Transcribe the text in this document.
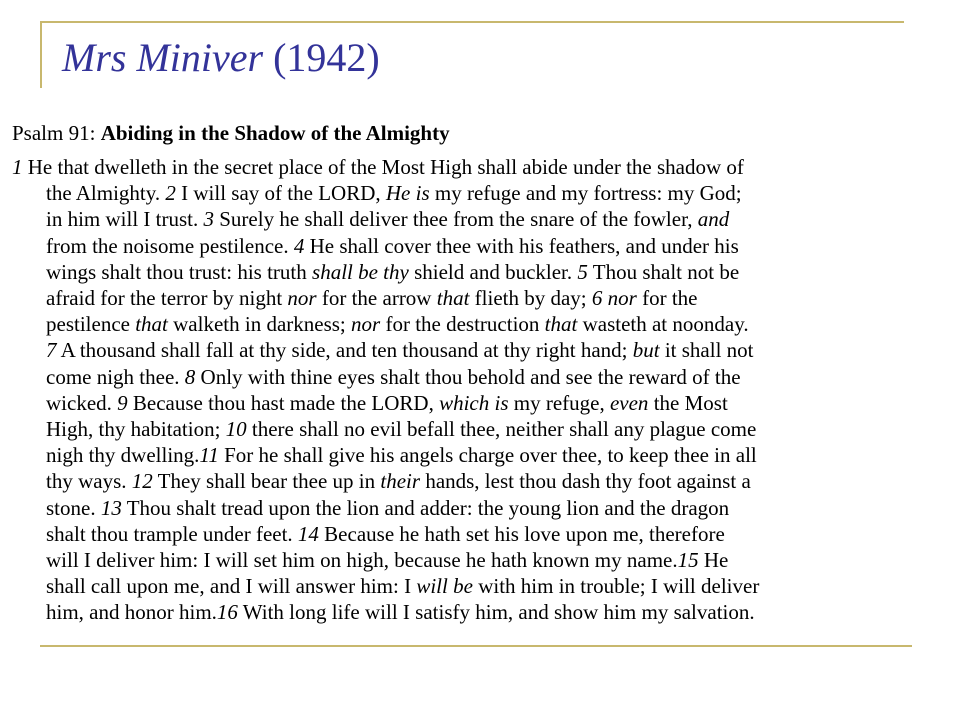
Mrs Miniver (1942)

Psalm 91: Abiding in the Shadow of the Almighty

1 He that dwelleth in the secret place of the Most High shall abide under the shadow of
the Almighty. 2 I will say of the LORD, He is my refuge and my fortress: my God;
in him will I trust. 3 Surely he shall deliver thee from the snare of the fowler, and
from the noisome pestilence. 4 He shall cover thee with his feathers, and under his
wings shalt thou trust: his truth shall be thy shield and buckler. 5 Thou shalt not be
afraid for the terror by night nor for the arrow that flieth by day; 6 nor for the
pestilence that walketh in darkness; nor for the destruction that wasteth at noonday.
7 A thousand shall fall at thy side, and ten thousand at thy right hand; but it shall not
come nigh thee. 8 Only with thine eyes shalt thou behold and see the reward of the
wicked. 9 Because thou hast made the LORD, which is my refuge, even the Most
High, thy habitation; 10 there shall no evil befall thee, neither shall any plague come
nigh thy dwelling.11 For he shall give his angels charge over thee, to keep thee in all
thy ways. 12 They shall bear thee up in their hands, lest thou dash thy foot against a
stone. 13 Thou shalt tread upon the lion and adder: the young lion and the dragon
shalt thou trample under feet. 14 Because he hath set his love upon me, therefore
will I deliver him: I will set him on high, because he hath known my name.15 He
shall call upon me, and I will answer him: I will be with him in trouble; I will deliver
him, and honor him.16 With long life will I satisfy him, and show him my salvation.
